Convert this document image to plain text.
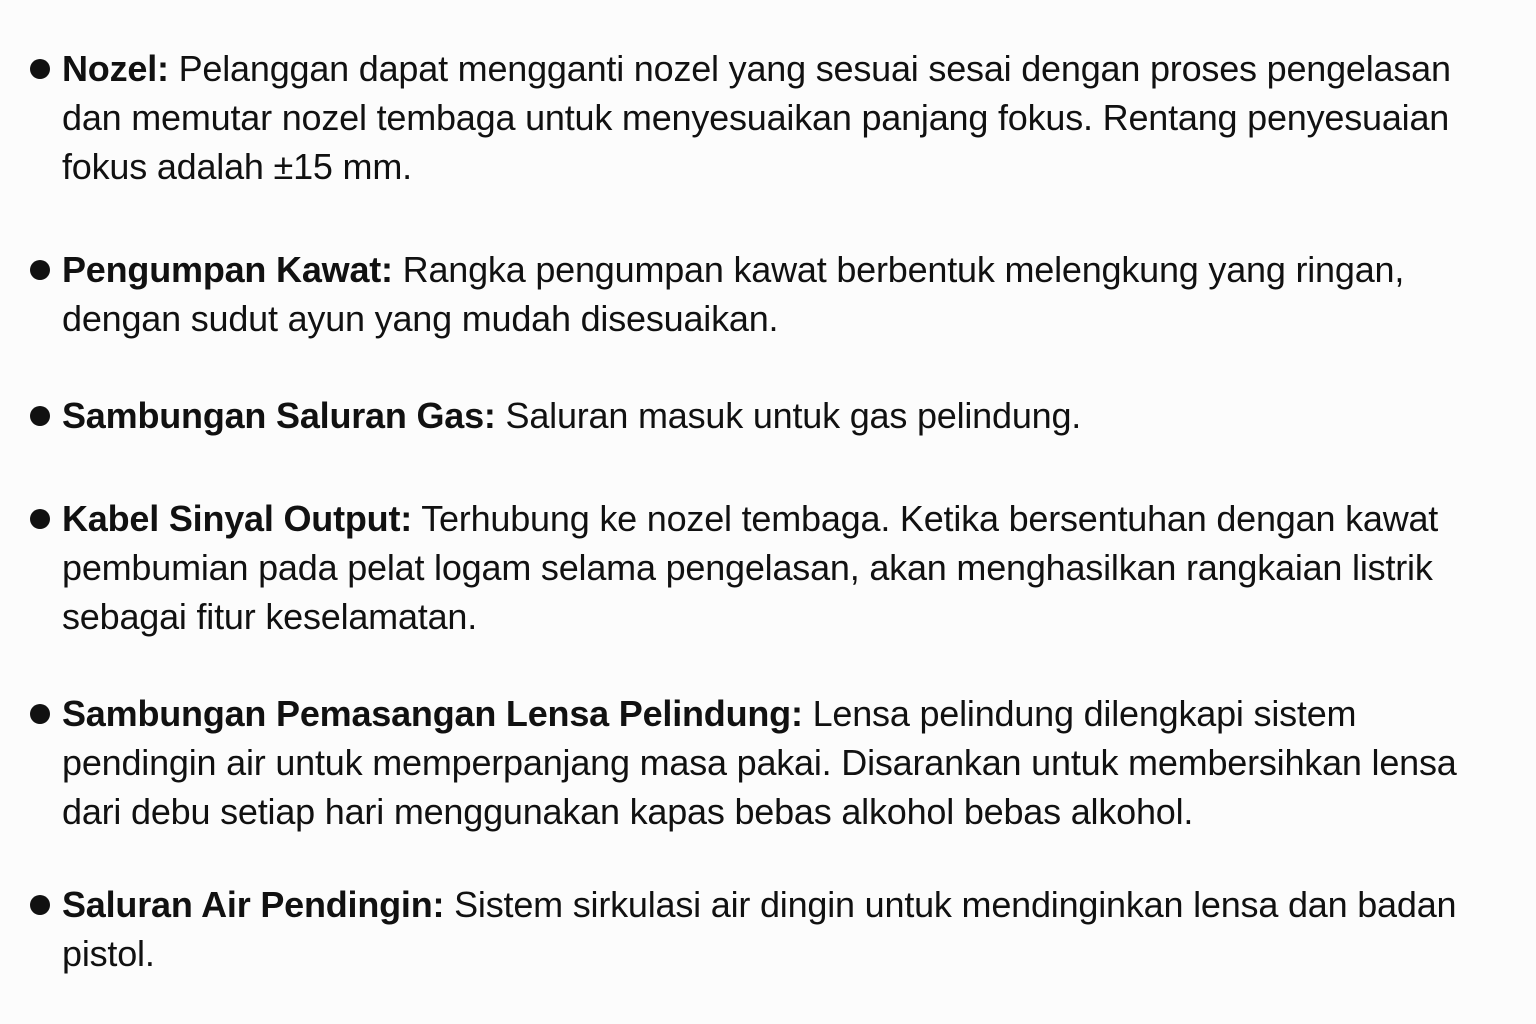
Nozel: Pelanggan dapat mengganti nozel yang sesuai sesai dengan proses pengelasan dan memutar nozel tembaga untuk menyesuaikan panjang fokus. Rentang penyesuaian fokus adalah ±15 mm.
Pengumpan Kawat: Rangka pengumpan kawat berbentuk melengkung yang ringan, dengan sudut ayun yang mudah disesuaikan.
Sambungan Saluran Gas: Saluran masuk untuk gas pelindung.
Kabel Sinyal Output: Terhubung ke nozel tembaga. Ketika bersentuhan dengan kawat pembumian pada pelat logam selama pengelasan, akan menghasilkan rangkaian listrik sebagai fitur keselamatan.
Sambungan Pemasangan Lensa Pelindung: Lensa pelindung dilengkapi sistem pendingin air untuk memperpanjang masa pakai. Disarankan untuk membersihkan lensa dari debu setiap hari menggunakan kapas bebas alkohol bebas alkohol.
Saluran Air Pendingin: Sistem sirkulasi air dingin untuk mendinginkan lensa dan badan pistol.
